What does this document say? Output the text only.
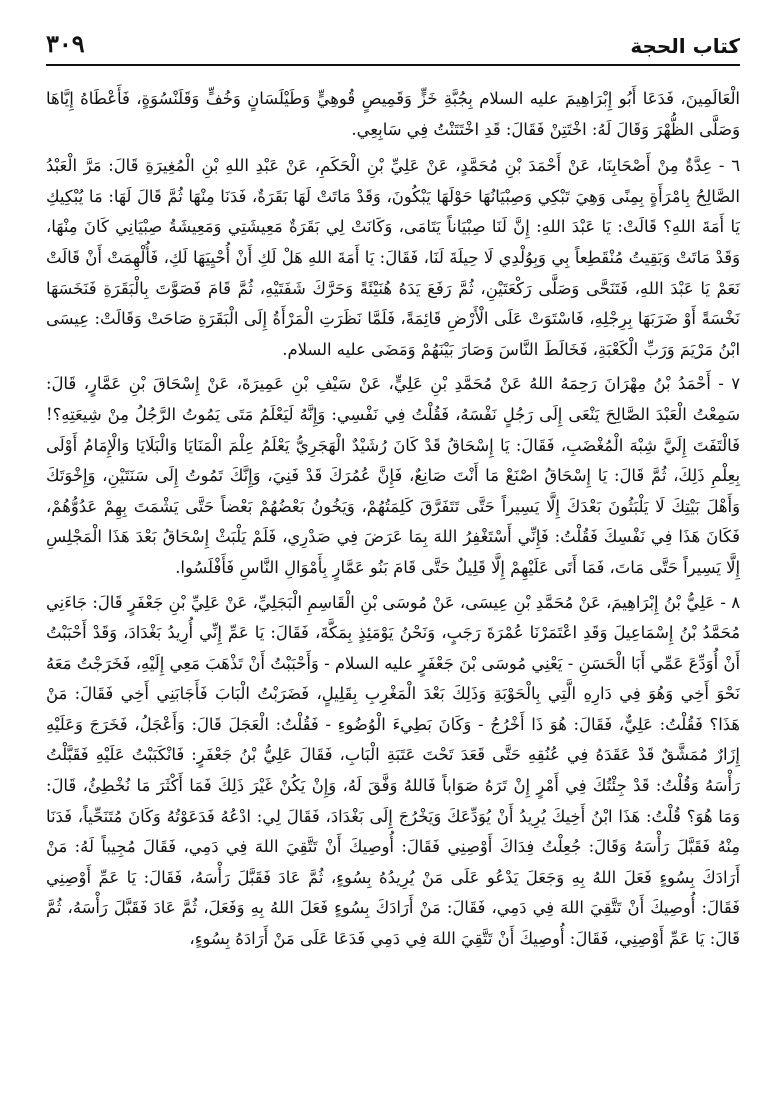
٣٠٩	كتاب الحجة

الْعَالَمِينَ، فَدَعَا أَبُو إِبْرَاهِيمَ عليه السلام بِجُبَّةِ خَزٍّ وَقَمِيصٍ قُوهِيٍّ وَطَيْلَسَانٍ وَخُفٍّ وَقَلَنْسُوَةٍ، فَأَعْطَاهُ إِيَّاهَا وَصَلَّى الظُّهْرَ وَقَالَ لَهُ: اخْتَتِنْ فَقَالَ: قَدِ اخْتَتَنْتُ فِي سَابِعِي.

٦ - عِدَّةٌ مِنْ أَصْحَابِنَا، عَنْ أَحْمَدَ بْنِ مُحَمَّدٍ، عَنْ عَلِيِّ بْنِ الْحَكَمِ، عَنْ عَبْدِ اللهِ بْنِ الْمُغِيرَةِ قَالَ: مَرَّ الْعَبْدُ الصَّالِحُ بِامْرَأَةٍ بِمِنًى وَهِيَ تَبْكِي وَصِبْيَانُهَا حَوْلَهَا يَبْكُونَ، وَقَدْ مَاتَتْ لَهَا بَقَرَةٌ، فَدَنَا مِنْهَا ثُمَّ قَالَ لَهَا: مَا يُبْكِيكِ يَا أَمَةَ اللهِ؟ قَالَتْ: يَا عَبْدَ اللهِ: إِنَّ لَنَا صِبْيَاناً يَتَامَى، وَكَانَتْ لِي بَقَرَةٌ مَعِيشَتِي وَمَعِيشَةُ صِبْيَانِي كَانَ مِنْهَا، وَقَدْ مَاتَتْ وَبَقِيتُ مُنْقَطِعاً بِي وَبِوُلْدِي لَا حِيلَةَ لَنَا، فَقَالَ: يَا أَمَةَ اللهِ هَلْ لَكِ أَنْ أُحْيِيَهَا لَكِ، فَأُلْهِمَتْ أَنْ قَالَتْ نَعَمْ يَا عَبْدَ اللهِ، فَتَنَحَّى وَصَلَّى رَكْعَتَيْنِ، ثُمَّ رَفَعَ يَدَهُ هُنَيْئَةً وَحَرَّكَ شَفَتَيْهِ، ثُمَّ قَامَ فَصَوَّتَ بِالْبَقَرَةِ فَنَخَسَهَا نَخْسَةً أَوْ ضَرَبَهَا بِرِجْلِهِ، فَاسْتَوَتْ عَلَى الْأَرْضِ قَائِمَةً، فَلَمَّا نَظَرَتِ الْمَرْأَةُ إِلَى الْبَقَرَةِ صَاحَتْ وَقَالَتْ: عِيسَى ابْنُ مَرْيَمَ وَرَبِّ الْكَعْبَةِ، فَخَالَطَ النَّاسَ وَصَارَ بَيْنَهُمْ وَمَضَى عليه السلام.

٧ - أَحْمَدُ بْنُ مِهْرَانَ رَحِمَهُ اللهُ عَنْ مُحَمَّدِ بْنِ عَلِيٍّ، عَنْ سَيْفِ بْنِ عَمِيرَةَ، عَنْ إِسْحَاقَ بْنِ عَمَّارٍ، قَالَ: سَمِعْتُ الْعَبْدَ الصَّالِحَ يَنْعَى إِلَى رَجُلٍ نَفْسَهُ، فَقُلْتُ فِي نَفْسِي: وَإِنَّهُ لَيَعْلَمُ مَتَى يَمُوتُ الرَّجُلُ مِنْ شِيعَتِهِ؟! فَالْتَفَتَ إِلَيَّ شِبْهَ الْمُغْضَبِ، فَقَالَ: يَا إِسْحَاقُ قَدْ كَانَ رُشَيْدٌ الْهَجَرِيُّ يَعْلَمُ عِلْمَ الْمَنَايَا وَالْبَلَايَا وَالْإِمَامُ أَوْلَى بِعِلْمِ ذَلِكَ، ثُمَّ قَالَ: يَا إِسْحَاقُ اصْنَعْ مَا أَنْتَ صَانِعٌ، فَإِنَّ عُمُرَكَ قَدْ فَنِيَ، وَإِنَّكَ تَمُوتُ إِلَى سَنَتَيْنِ، وَإِخْوَتَكَ وَأَهْلَ بَيْتِكَ لَا يَلْبَثُونَ بَعْدَكَ إِلَّا يَسِيراً حَتَّى تَتَفَرَّقَ كَلِمَتُهُمْ، وَيَخُونُ بَعْضُهُمْ بَعْضاً حَتَّى يَشْمَتَ بِهِمْ عَدُوُّهُمْ، فَكَانَ هَذَا فِي نَفْسِكَ فَقُلْتُ: فَإِنِّي أَسْتَغْفِرُ اللهَ بِمَا عَرَضَ فِي صَدْرِي، فَلَمْ يَلْبَثْ إِسْحَاقُ بَعْدَ هَذَا الْمَجْلِسِ إِلَّا يَسِيراً حَتَّى مَاتَ، فَمَا أَتَى عَلَيْهِمْ إِلَّا قَلِيلٌ حَتَّى قَامَ بَنُو عَمَّارٍ بِأَمْوَالِ النَّاسِ فَأَفْلَسُوا.

٨ - عَلِيُّ بْنُ إِبْرَاهِيمَ، عَنْ مُحَمَّدِ بْنِ عِيسَى، عَنْ مُوسَى بْنِ الْقَاسِمِ الْبَجَلِيِّ، عَنْ عَلِيِّ بْنِ جَعْفَرٍ قَالَ: جَاءَنِي مُحَمَّدُ بْنُ إِسْمَاعِيلَ وَقَدِ اعْتَمَرْنَا عُمْرَةَ رَجَبٍ، وَنَحْنُ يَوْمَئِذٍ بِمَكَّةَ، فَقَالَ: يَا عَمِّ إِنِّي أُرِيدُ بَغْدَادَ، وَقَدْ أَحْبَبْتُ أَنْ أُوَدِّعَ عَمِّي أَبَا الْحَسَنِ - يَعْنِي مُوسَى بْنَ جَعْفَرٍ عليه السلام - وَأَحْبَبْتُ أَنْ تَذْهَبَ مَعِي إِلَيْهِ، فَخَرَجْتُ مَعَهُ نَحْوَ أَخِي وَهُوَ فِي دَارِهِ الَّتِي بِالْحَوْبَةِ وَذَلِكَ بَعْدَ الْمَغْرِبِ بِقَلِيلٍ، فَضَرَبْتُ الْبَابَ فَأَجَابَنِي أَخِي فَقَالَ: مَنْ هَذَا؟ فَقُلْتُ: عَلِيٌّ، فَقَالَ: هُوَ ذَا أَخْرُجُ - وَكَانَ بَطِيءَ الْوُضُوءِ - فَقُلْتُ: الْعَجَلَ قَالَ: وَأَعْجَلُ، فَخَرَجَ وَعَلَيْهِ إِزَارٌ مُمَشَّقٌ قَدْ عَقَدَهُ فِي عُنُقِهِ حَتَّى قَعَدَ تَحْتَ عَتَبَةِ الْبَابِ، فَقَالَ عَلِيُّ بْنُ جَعْفَرٍ: فَانْكَبَبْتُ عَلَيْهِ فَقَبَّلْتُ رَأْسَهُ وَقُلْتُ: قَدْ جِئْتُكَ فِي أَمْرٍ إِنْ تَرَهُ صَوَاباً فَاللهُ وَفَّقَ لَهُ، وَإِنْ يَكُنْ غَيْرَ ذَلِكَ فَمَا أَكْثَرَ مَا نُخْطِئُ، قَالَ: وَمَا هُوَ؟ قُلْتُ: هَذَا ابْنُ أَخِيكَ يُرِيدُ أَنْ يُوَدِّعَكَ وَيَخْرُجَ إِلَى بَغْدَادَ، فَقَالَ لِي: ادْعُهُ فَدَعَوْتُهُ وَكَانَ مُتَنَحِّياً، فَدَنَا مِنْهُ فَقَبَّلَ رَأْسَهُ وَقَالَ: جُعِلْتُ فِدَاكَ أَوْصِنِي فَقَالَ: أُوصِيكَ أَنْ تَتَّقِيَ اللهَ فِي دَمِي، فَقَالَ مُجِيباً لَهُ: مَنْ أَرَادَكَ بِسُوءٍ فَعَلَ اللهُ بِهِ وَجَعَلَ يَدْعُو عَلَى مَنْ يُرِيدُهُ بِسُوءٍ، ثُمَّ عَادَ فَقَبَّلَ رَأْسَهُ، فَقَالَ: يَا عَمِّ أَوْصِنِي فَقَالَ: أُوصِيكَ أَنْ تَتَّقِيَ اللهَ فِي دَمِي، فَقَالَ: مَنْ أَرَادَكَ بِسُوءٍ فَعَلَ اللهُ بِهِ وَفَعَلَ، ثُمَّ عَادَ فَقَبَّلَ رَأْسَهُ، ثُمَّ قَالَ: يَا عَمِّ أَوْصِنِي، فَقَالَ: أُوصِيكَ أَنْ تَتَّقِيَ اللهَ فِي دَمِي فَدَعَا عَلَى مَنْ أَرَادَهُ بِسُوءٍ،
